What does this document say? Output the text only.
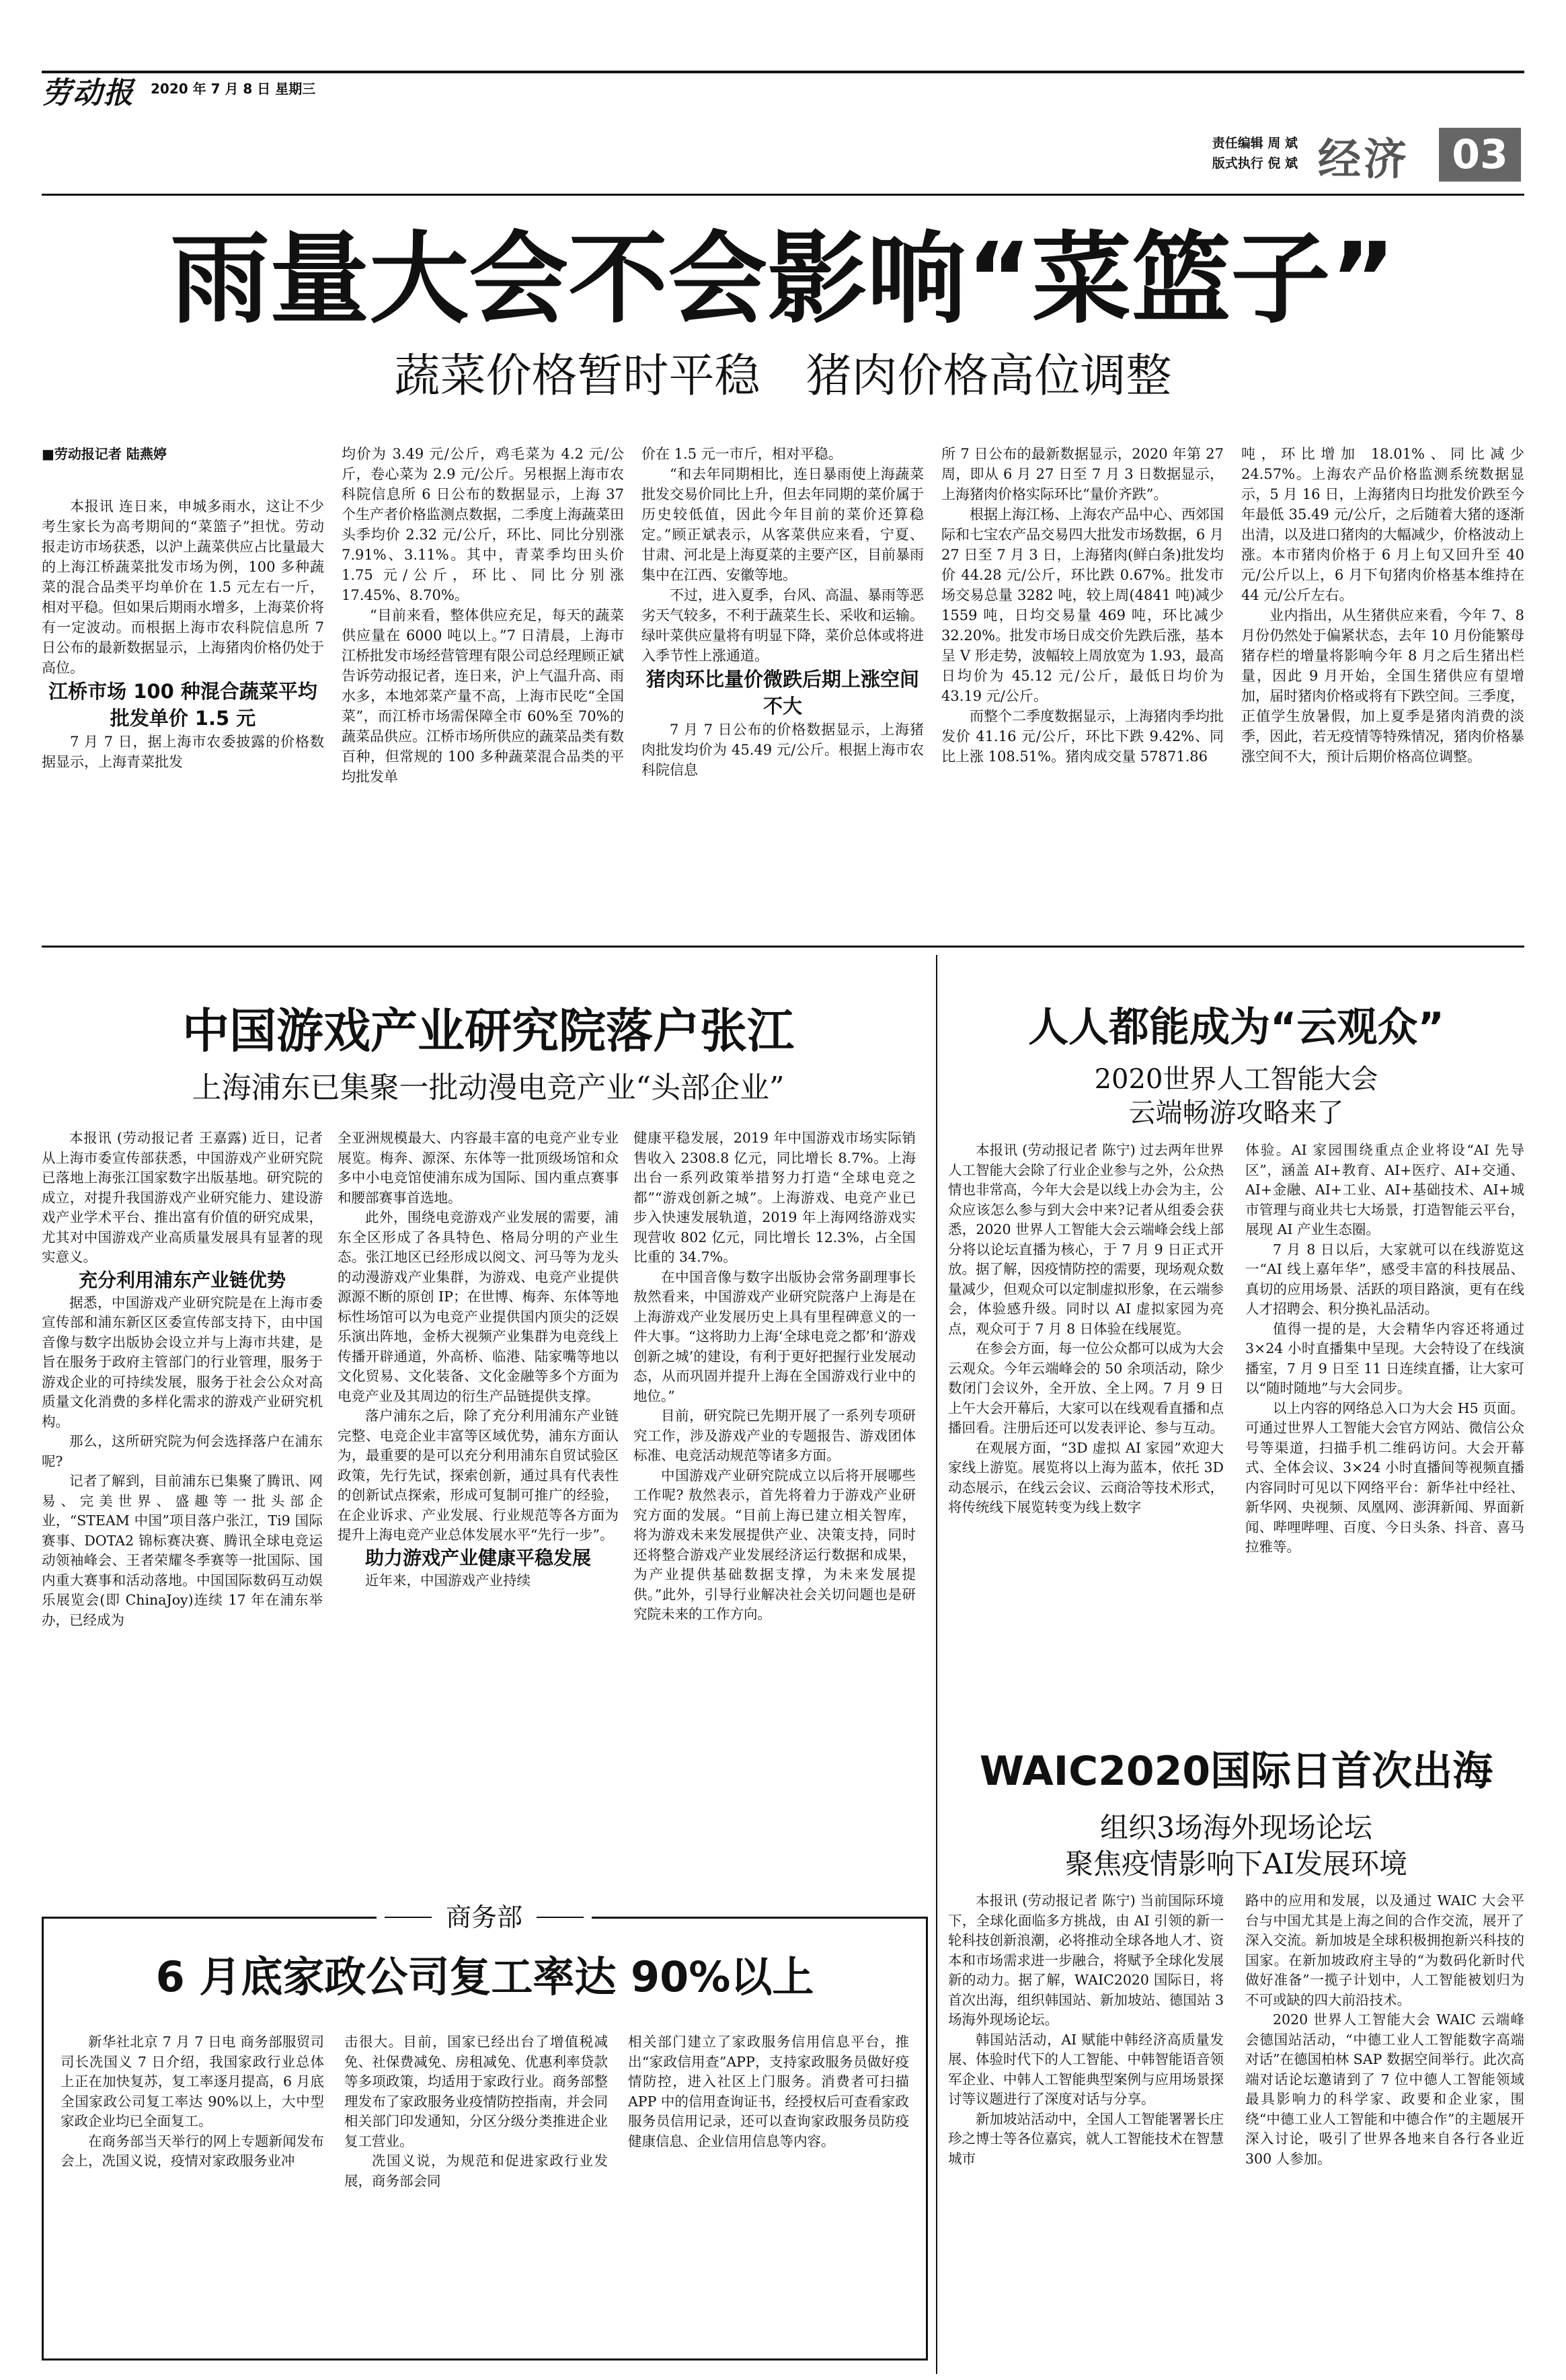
劳动报 2020 年 7 月 8 日 星期三
责任编辑 周 斌
版式执行 倪 斌 经济	03
雨量大会不会影响“菜篮子”
蔬菜价格暂时平稳　猪肉价格高位调整

■劳动报记者 陆燕婷

本报讯 连日来，申城多雨水，这让不少考生家长为高考期间的“菜篮子”担忧。劳动报走访市场获悉，以沪上蔬菜供应占比量最大的上海江桥蔬菜批发市场为例，100 多种蔬菜的混合品类平均单价在 1.5 元左右一斤，相对平稳。但如果后期雨水增多，上海菜价将有一定波动。而根据上海市农科院信息所 7 日公布的最新数据显示，上海猪肉价格仍处于高位。

江桥市场 100 种混合蔬菜平均批发单价 1.5 元

7 月 7 日，据上海市农委披露的价格数据显示，上海青菜批发

均价为 3.49 元/公斤，鸡毛菜为 4.2 元/公斤，卷心菜为 2.9 元/公斤。另根据上海市农科院信息所 6 日公布的数据显示，上海 37 个生产者价格监测点数据，二季度上海蔬菜田头季均价 2.32 元/公斤，环比、同比分别涨 7.91%、3.11%。其中，青菜季均田头价 1.75 元/公斤，环比、同比分别涨 17.45%、8.70%。

“目前来看，整体供应充足，每天的蔬菜供应量在 6000 吨以上。”7 日清晨，上海市江桥批发市场经营管理有限公司总经理顾正斌告诉劳动报记者，连日来，沪上气温升高、雨水多，本地郊菜产量不高，上海市民吃“全国菜”，而江桥市场需保障全市 60%至 70%的蔬菜品供应。江桥市场所供应的蔬菜品类有数百种，但常规的 100 多种蔬菜混合品类的平均批发单

价在 1.5 元一市斤，相对平稳。

“和去年同期相比，连日暴雨使上海蔬菜批发交易价同比上升，但去年同期的菜价属于历史较低值，因此今年目前的菜价还算稳定。”顾正斌表示，从客菜供应来看，宁夏、甘肃、河北是上海夏菜的主要产区，目前暴雨集中在江西、安徽等地。

不过，进入夏季，台风、高温、暴雨等恶劣天气较多，不利于蔬菜生长、采收和运输。绿叶菜供应量将有明显下降，菜价总体或将进入季节性上涨通道。

猪肉环比量价微跌后期上涨空间不大

7 月 7 日公布的价格数据显示，上海猪肉批发均价为 45.49 元/公斤。根据上海市农科院信息

所 7 日公布的最新数据显示，2020 年第 27 周，即从 6 月 27 日至 7 月 3 日数据显示，上海猪肉价格实际环比“量价齐跌”。

根据上海江杨、上海农产品中心、西郊国际和七宝农产品交易四大批发市场数据，6 月 27 日至 7 月 3 日，上海猪肉(鲜白条)批发均价 44.28 元/公斤，环比跌 0.67%。批发市场交易总量 3282 吨，较上周(4841 吨)减少 1559 吨，日均交易量 469 吨，环比减少 32.20%。批发市场日成交价先跌后涨，基本呈 V 形走势，波幅较上周放宽为 1.93，最高日均价为 45.12 元/公斤，最低日均价为 43.19 元/公斤。

而整个二季度数据显示，上海猪肉季均批发价 41.16 元/公斤，环比下跌 9.42%、同比上涨 108.51%。猪肉成交量 57871.86

吨，环比增加 18.01%、同比减少 24.57%。上海农产品价格监测系统数据显示，5 月 16 日，上海猪肉日均批发价跌至今年最低 35.49 元/公斤，之后随着大猪的逐渐出清，以及进口猪肉的大幅减少，价格波动上涨。本市猪肉价格于 6 月上旬又回升至 40 元/公斤以上，6 月下旬猪肉价格基本维持在 44 元/公斤左右。

业内指出，从生猪供应来看，今年 7、8 月份仍然处于偏紧状态，去年 10 月份能繁母猪存栏的增量将影响今年 8 月之后生猪出栏量，因此 9 月开始，全国生猪供应有望增加，届时猪肉价格或将有下跌空间。三季度，正值学生放暑假，加上夏季是猪肉消费的淡季，因此，若无疫情等特殊情况，猪肉价格暴涨空间不大，预计后期价格高位调整。

中国游戏产业研究院落户张江
上海浦东已集聚一批动漫电竞产业“头部企业”

本报讯 (劳动报记者 王嘉露) 近日，记者从上海市委宣传部获悉，中国游戏产业研究院已落地上海张江国家数字出版基地。研究院的成立，对提升我国游戏产业研究能力、建设游戏产业学术平台、推出富有价值的研究成果，尤其对中国游戏产业高质量发展具有显著的现实意义。

充分利用浦东产业链优势

据悉，中国游戏产业研究院是在上海市委宣传部和浦东新区区委宣传部支持下，由中国音像与数字出版协会设立并与上海市共建，是旨在服务于政府主管部门的行业管理，服务于游戏企业的可持续发展，服务于社会公众对高质量文化消费的多样化需求的游戏产业研究机构。

那么，这所研究院为何会选择落户在浦东呢?

记者了解到，目前浦东已集聚了腾讯、网易、完美世界、盛趣等一批头部企业，“STEAM 中国”项目落户张江，Ti9 国际赛事、DOTA2 锦标赛决赛、腾讯全球电竞运动领袖峰会、王者荣耀冬季赛等一批国际、国内重大赛事和活动落地。中国国际数码互动娱乐展览会(即 ChinaJoy)连续 17 年在浦东举办，已经成为

全亚洲规模最大、内容最丰富的电竞产业专业展览。梅奔、源深、东体等一批顶级场馆和众多中小电竞馆使浦东成为国际、国内重点赛事和腰部赛事首选地。

此外，围绕电竞游戏产业发展的需要，浦东全区形成了各具特色、格局分明的产业生态。张江地区已经形成以阅文、河马等为龙头的动漫游戏产业集群，为游戏、电竞产业提供源源不断的原创 IP；在世博、梅奔、东体等地标性场馆可以为电竞产业提供国内顶尖的泛娱乐演出阵地，金桥大视频产业集群为电竞线上传播开辟通道，外高桥、临港、陆家嘴等地以文化贸易、文化装备、文化金融等多个方面为电竞产业及其周边的衍生产品链提供支撑。

落户浦东之后，除了充分利用浦东产业链完整、电竞企业丰富等区域优势，浦东方面认为，最重要的是可以充分利用浦东自贸试验区政策，先行先试，探索创新，通过具有代表性的创新试点探索，形成可复制可推广的经验，在企业诉求、产业发展、行业规范等各方面为提升上海电竞产业总体发展水平“先行一步”。

助力游戏产业健康平稳发展

近年来，中国游戏产业持续

健康平稳发展，2019 年中国游戏市场实际销售收入 2308.8 亿元，同比增长 8.7%。上海出台一系列政策举措努力打造“全球电竞之都”“游戏创新之城”。上海游戏、电竞产业已步入快速发展轨道，2019 年上海网络游戏实现营收 802 亿元，同比增长 12.3%，占全国比重的 34.7%。

在中国音像与数字出版协会常务副理事长敖然看来，中国游戏产业研究院落户上海是在上海游戏产业发展历史上具有里程碑意义的一件大事。“这将助力上海‘全球电竞之都’和‘游戏创新之城’的建设，有利于更好把握行业发展动态，从而巩固并提升上海在全国游戏行业中的地位。”

目前，研究院已先期开展了一系列专项研究工作，涉及游戏产业的专题报告、游戏团体标准、电竞活动规范等诸多方面。

中国游戏产业研究院成立以后将开展哪些工作呢? 敖然表示，首先将着力于游戏产业研究方面的发展。“目前上海已建立相关智库，将为游戏未来发展提供产业、决策支持，同时还将整合游戏产业发展经济运行数据和成果，为产业提供基础数据支撑，为未来发展提供。”此外，引导行业解决社会关切问题也是研究院未来的工作方向。

人人都能成为“云观众”
2020世界人工智能大会
云端畅游攻略来了

本报讯 (劳动报记者 陈宁) 过去两年世界人工智能大会除了行业企业参与之外，公众热情也非常高，今年大会是以线上办会为主，公众应该怎么参与到大会中来?记者从组委会获悉，2020 世界人工智能大会云端峰会线上部分将以论坛直播为核心，于 7 月 9 日正式开放。据了解，因疫情防控的需要，现场观众数量减少，但观众可以定制虚拟形象，在云端参会，体验感升级。同时以 AI 虚拟家园为亮点，观众可于 7 月 8 日体验在线展览。

在参会方面，每一位公众都可以成为大会云观众。今年云端峰会的 50 余项活动，除少数闭门会议外，全开放、全上网。7 月 9 日上午大会开幕后，大家可以在线观看直播和点播回看。注册后还可以发表评论、参与互动。

在观展方面，“3D 虚拟 AI 家园”欢迎大家线上游览。展览将以上海为蓝本，依托 3D 动态展示，在线云会议、云商洽等技术形式，将传统线下展览转变为线上数字

体验。AI 家园围绕重点企业将设“AI 先导区”，涵盖 AI+教育、AI+医疗、AI+交通、AI+金融、AI+工业、AI+基础技术、AI+城市管理与商业共七大场景，打造智能云平台，展现 AI 产业生态圈。

7 月 8 日以后，大家就可以在线游览这一“AI 线上嘉年华”，感受丰富的科技展品、真切的应用场景、活跃的项目路演，更有在线人才招聘会、积分换礼品活动。

值得一提的是，大会精华内容还将通过 3×24 小时直播集中呈现。大会特设了在线演播室，7 月 9 日至 11 日连续直播，让大家可以“随时随地”与大会同步。

以上内容的网络总入口为大会 H5 页面。可通过世界人工智能大会官方网站、微信公众号等渠道，扫描手机二维码访问。大会开幕式、全体会议、3×24 小时直播间等视频直播内容同时可见以下网络平台：新华社中经社、新华网、央视频、凤凰网、澎湃新闻、界面新闻、哔哩哔哩、百度、今日头条、抖音、喜马拉雅等。

WAIC2020国际日首次出海
组织3场海外现场论坛
聚焦疫情影响下AI发展环境

本报讯 (劳动报记者 陈宁) 当前国际环境下，全球化面临多方挑战，由 AI 引领的新一轮科技创新浪潮，必将推动全球各地人才、资本和市场需求进一步融合，将赋予全球化发展新的动力。据了解，WAIC2020 国际日，将首次出海，组织韩国站、新加坡站、德国站 3 场海外现场论坛。

韩国站活动，AI 赋能中韩经济高质量发展、体验时代下的人工智能、中韩智能语音领军企业、中韩人工智能典型案例与应用场景探讨等议题进行了深度对话与分享。

新加坡站活动中，全国人工智能署署长庄珍之博士等各位嘉宾，就人工智能技术在智慧城市

路中的应用和发展，以及通过 WAIC 大会平台与中国尤其是上海之间的合作交流，展开了深入交流。新加坡是全球积极拥抱新兴科技的国家。在新加坡政府主导的“为数码化新时代做好准备”一揽子计划中，人工智能被划归为不可或缺的四大前沿技术。

2020 世界人工智能大会 WAIC 云端峰会德国站活动，“中德工业人工智能数字高端对话”在德国柏林 SAP 数据空间举行。此次高端对话论坛邀请到了 7 位中德人工智能领域最具影响力的科学家、政要和企业家，围绕“中德工业人工智能和中德合作”的主题展开深入讨论，吸引了世界各地来自各行各业近 300 人参加。

商务部
6 月底家政公司复工率达 90%以上

新华社北京 7 月 7 日电 商务部服贸司司长冼国义 7 日介绍，我国家政行业总体上正在加快复苏，复工率逐月提高，6 月底全国家政公司复工率达 90%以上，大中型家政企业均已全面复工。

在商务部当天举行的网上专题新闻发布会上，冼国义说，疫情对家政服务业冲

击很大。目前，国家已经出台了增值税减免、社保费减免、房租减免、优惠利率贷款等多项政策，均适用于家政行业。商务部整理发布了家政服务业疫情防控指南，并会同相关部门印发通知，分区分级分类推进企业复工营业。

冼国义说，为规范和促进家政行业发展，商务部会同

相关部门建立了家政服务信用信息平台，推出“家政信用查”APP，支持家政服务员做好疫情防控，进入社区上门服务。消费者可扫描 APP 中的信用查询证书，经授权后可查看家政服务员信用记录，还可以查询家政服务员防疫健康信息、企业信用信息等内容。
